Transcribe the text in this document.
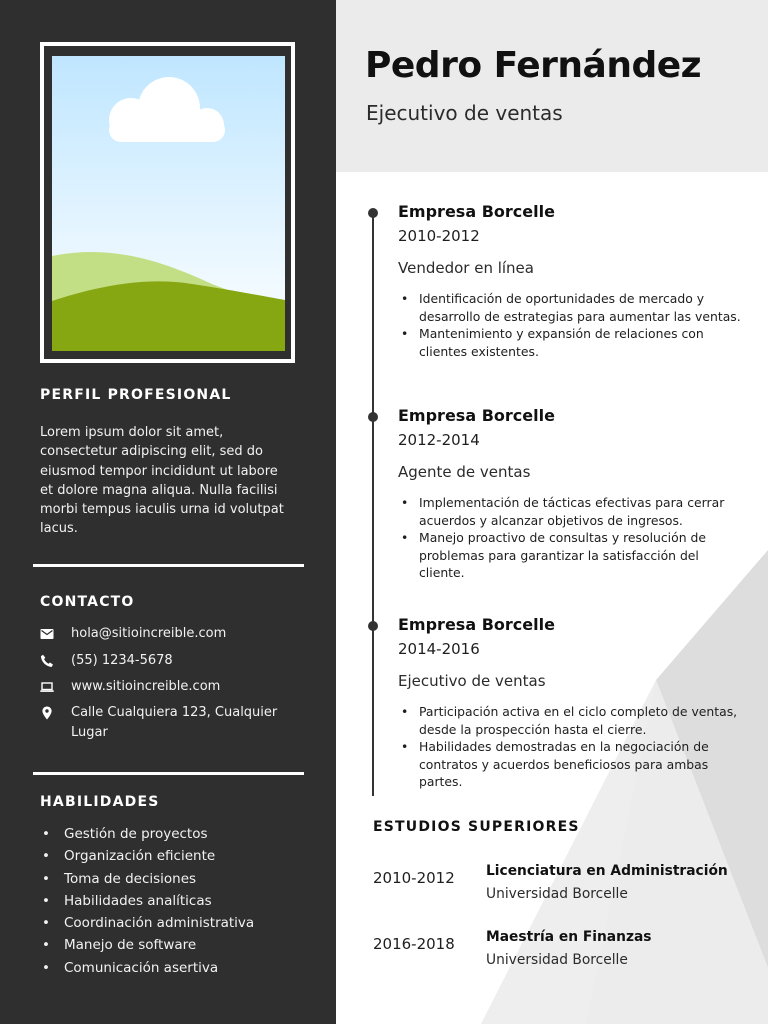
PERFIL PROFESIONAL

Lorem ipsum dolor sit amet, consectetur adipiscing elit, sed do eiusmod tempor incididunt ut labore et dolore magna aliqua. Nulla facilisi morbi tempus iaculis urna id volutpat lacus.

CONTACTO
hola@sitioincreible.com
(55) 1234-5678
www.sitioincreible.com
Calle Cualquiera 123, Cualquier Lugar
HABILIDADES
•	Gestión de proyectos
•	Organización eficiente
•	Toma de decisiones
•	Habilidades analíticas
•	Coordinación administrativa
•	Manejo de software
•	Comunicación asertiva
Pedro Fernández
Ejecutivo de ventas
Empresa Borcelle
2010-2012
Vendedor en línea
• Identificación de oportunidades de mercado y desarrollo de estrategias para aumentar las ventas.
• Mantenimiento y expansión de relaciones con clientes existentes.
Empresa Borcelle
2012-2014
Agente de ventas
• Implementación de tácticas efectivas para cerrar acuerdos y alcanzar objetivos de ingresos.
• Manejo proactivo de consultas y resolución de problemas para garantizar la satisfacción del cliente.
Empresa Borcelle
2014-2016
Ejecutivo de ventas
• Participación activa en el ciclo completo de ventas, desde la prospección hasta el cierre.
• Habilidades demostradas en la negociación de contratos y acuerdos beneficiosos para ambas partes.
ESTUDIOS SUPERIORES
2010-2012 Licenciatura en Administración
Universidad Borcelle
2016-2018 Maestría en Finanzas
Universidad Borcelle
